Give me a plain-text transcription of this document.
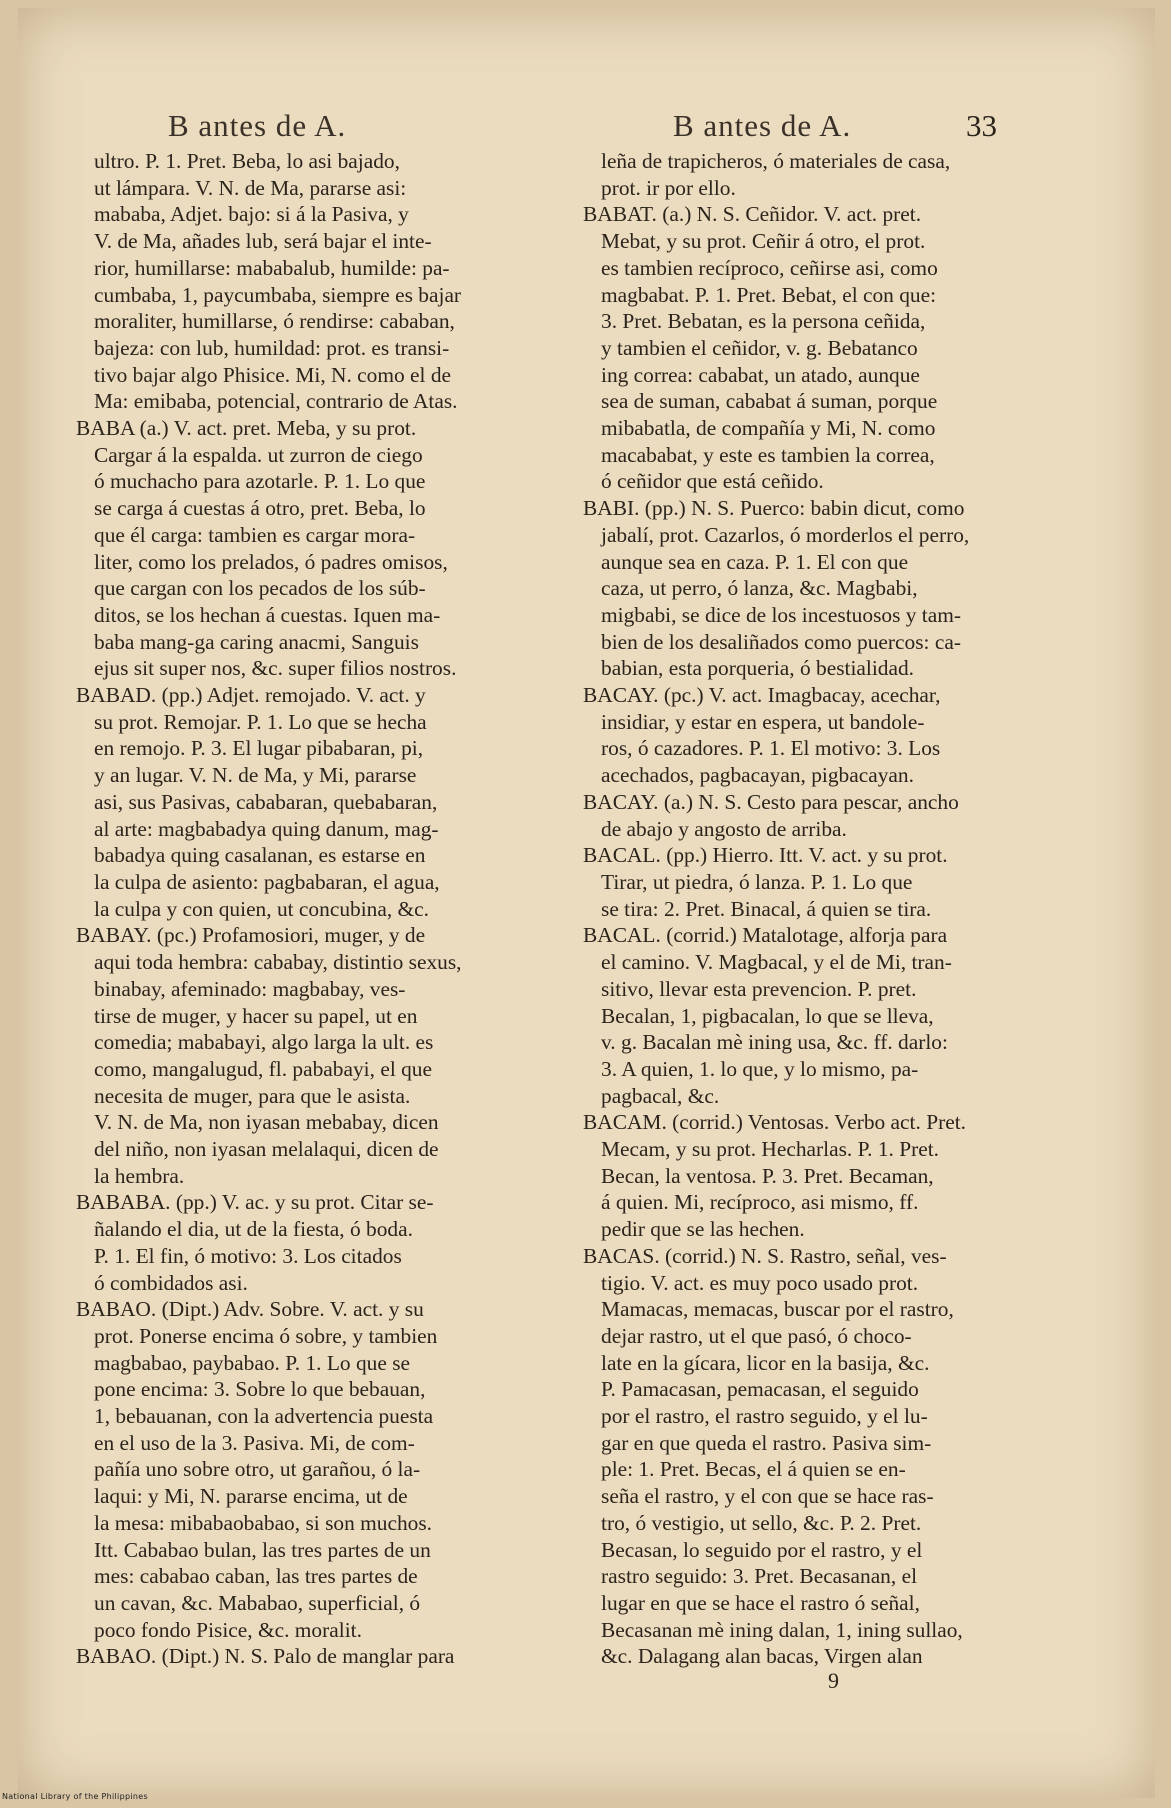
B antes de A.	B antes de A.	33
ultro. P. 1. Pret. Beba, lo asi bajado,
ut lámpara. V. N. de Ma, pararse asi:
mababa, Adjet. bajo: si á la Pasiva, y
V. de Ma, añades lub, será bajar el inte-
rior, humillarse: mababalub, humilde: pa-
cumbaba, 1, paycumbaba, siempre es bajar
moraliter, humillarse, ó rendirse: cababan,
bajeza: con lub, humildad: prot. es transi-
tivo bajar algo Phisice. Mi, N. como el de
Ma: emibaba, potencial, contrario de Atas.
BABA (a.) V. act. pret. Meba, y su prot.
Cargar á la espalda. ut zurron de ciego
ó muchacho para azotarle. P. 1. Lo que
se carga á cuestas á otro, pret. Beba, lo
que él carga: tambien es cargar mora-
liter, como los prelados, ó padres omisos,
que cargan con los pecados de los súb-
ditos, se los hechan á cuestas. Iquen ma-
baba mang-ga caring anacmi, Sanguis
ejus sit super nos, &c. super filios nostros.
BABAD. (pp.) Adjet. remojado. V. act. y
su prot. Remojar. P. 1. Lo que se hecha
en remojo. P. 3. El lugar pibabaran, pi,
y an lugar. V. N. de Ma, y Mi, pararse
asi, sus Pasivas, cababaran, quebabaran,
al arte: magbabadya quing danum, mag-
babadya quing casalanan, es estarse en
la culpa de asiento: pagbabaran, el agua,
la culpa y con quien, ut concubina, &c.
BABAY. (pc.) Profamosiori, muger, y de
aqui toda hembra: cababay, distintio sexus,
binabay, afeminado: magbabay, ves-
tirse de muger, y hacer su papel, ut en
comedia; mababayi, algo larga la ult. es
como, mangalugud, fl. pababayi, el que
necesita de muger, para que le asista.
V. N. de Ma, non iyasan mebabay, dicen
del niño, non iyasan melalaqui, dicen de
la hembra.
BABABA. (pp.) V. ac. y su prot. Citar se-
ñalando el dia, ut de la fiesta, ó boda.
P. 1. El fin, ó motivo: 3. Los citados
ó combidados asi.
BABAO. (Dipt.) Adv. Sobre. V. act. y su
prot. Ponerse encima ó sobre, y tambien
magbabao, paybabao. P. 1. Lo que se
pone encima: 3. Sobre lo que bebauan,
1, bebauanan, con la advertencia puesta
en el uso de la 3. Pasiva. Mi, de com-
pañía uno sobre otro, ut garañou, ó la-
laqui: y Mi, N. pararse encima, ut de
la mesa: mibabaobabao, si son muchos.
Itt. Cababao bulan, las tres partes de un
mes: cababao caban, las tres partes de
un cavan, &c. Mababao, superficial, ó
poco fondo Pisice, &c. moralit.
BABAO. (Dipt.) N. S. Palo de manglar para
leña de trapicheros, ó materiales de casa,
prot. ir por ello.
BABAT. (a.) N. S. Ceñidor. V. act. pret.
Mebat, y su prot. Ceñir á otro, el prot.
es tambien recíproco, ceñirse asi, como
magbabat. P. 1. Pret. Bebat, el con que:
3. Pret. Bebatan, es la persona ceñida,
y tambien el ceñidor, v. g. Bebatanco
ing correa: cababat, un atado, aunque
sea de suman, cababat á suman, porque
mibabatla, de compañía y Mi, N. como
macababat, y este es tambien la correa,
ó ceñidor que está ceñido.
BABI. (pp.) N. S. Puerco: babin dicut, como
jabalí, prot. Cazarlos, ó morderlos el perro,
aunque sea en caza. P. 1. El con que
caza, ut perro, ó lanza, &c. Magbabi,
migbabi, se dice de los incestuosos y tam-
bien de los desaliñados como puercos: ca-
babian, esta porqueria, ó bestialidad.
BACAY. (pc.) V. act. Imagbacay, acechar,
insidiar, y estar en espera, ut bandole-
ros, ó cazadores. P. 1. El motivo: 3. Los
acechados, pagbacayan, pigbacayan.
BACAY. (a.) N. S. Cesto para pescar, ancho
de abajo y angosto de arriba.
BACAL. (pp.) Hierro. Itt. V. act. y su prot.
Tirar, ut piedra, ó lanza. P. 1. Lo que
se tira: 2. Pret. Binacal, á quien se tira.
BACAL. (corrid.) Matalotage, alforja para
el camino. V. Magbacal, y el de Mi, tran-
sitivo, llevar esta prevencion. P. pret.
Becalan, 1, pigbacalan, lo que se lleva,
v. g. Bacalan mè ining usa, &c. ff. darlo:
3. A quien, 1. lo que, y lo mismo, pa-
pagbacal, &c.
BACAM. (corrid.) Ventosas. Verbo act. Pret.
Mecam, y su prot. Hecharlas. P. 1. Pret.
Becan, la ventosa. P. 3. Pret. Becaman,
á quien. Mi, recíproco, asi mismo, ff.
pedir que se las hechen.
BACAS. (corrid.) N. S. Rastro, señal, ves-
tigio. V. act. es muy poco usado prot.
Mamacas, memacas, buscar por el rastro,
dejar rastro, ut el que pasó, ó choco-
late en la gícara, licor en la basija, &c.
P. Pamacasan, pemacasan, el seguido
por el rastro, el rastro seguido, y el lu-
gar en que queda el rastro. Pasiva sim-
ple: 1. Pret. Becas, el á quien se en-
seña el rastro, y el con que se hace ras-
tro, ó vestigio, ut sello, &c. P. 2. Pret.
Becasan, lo seguido por el rastro, y el
rastro seguido: 3. Pret. Becasanan, el
lugar en que se hace el rastro ó señal,
Becasanan mè ining dalan, 1, ining sullao,
&c. Dalagang alan bacas, Virgen alan
9
National Library of the Philippines
